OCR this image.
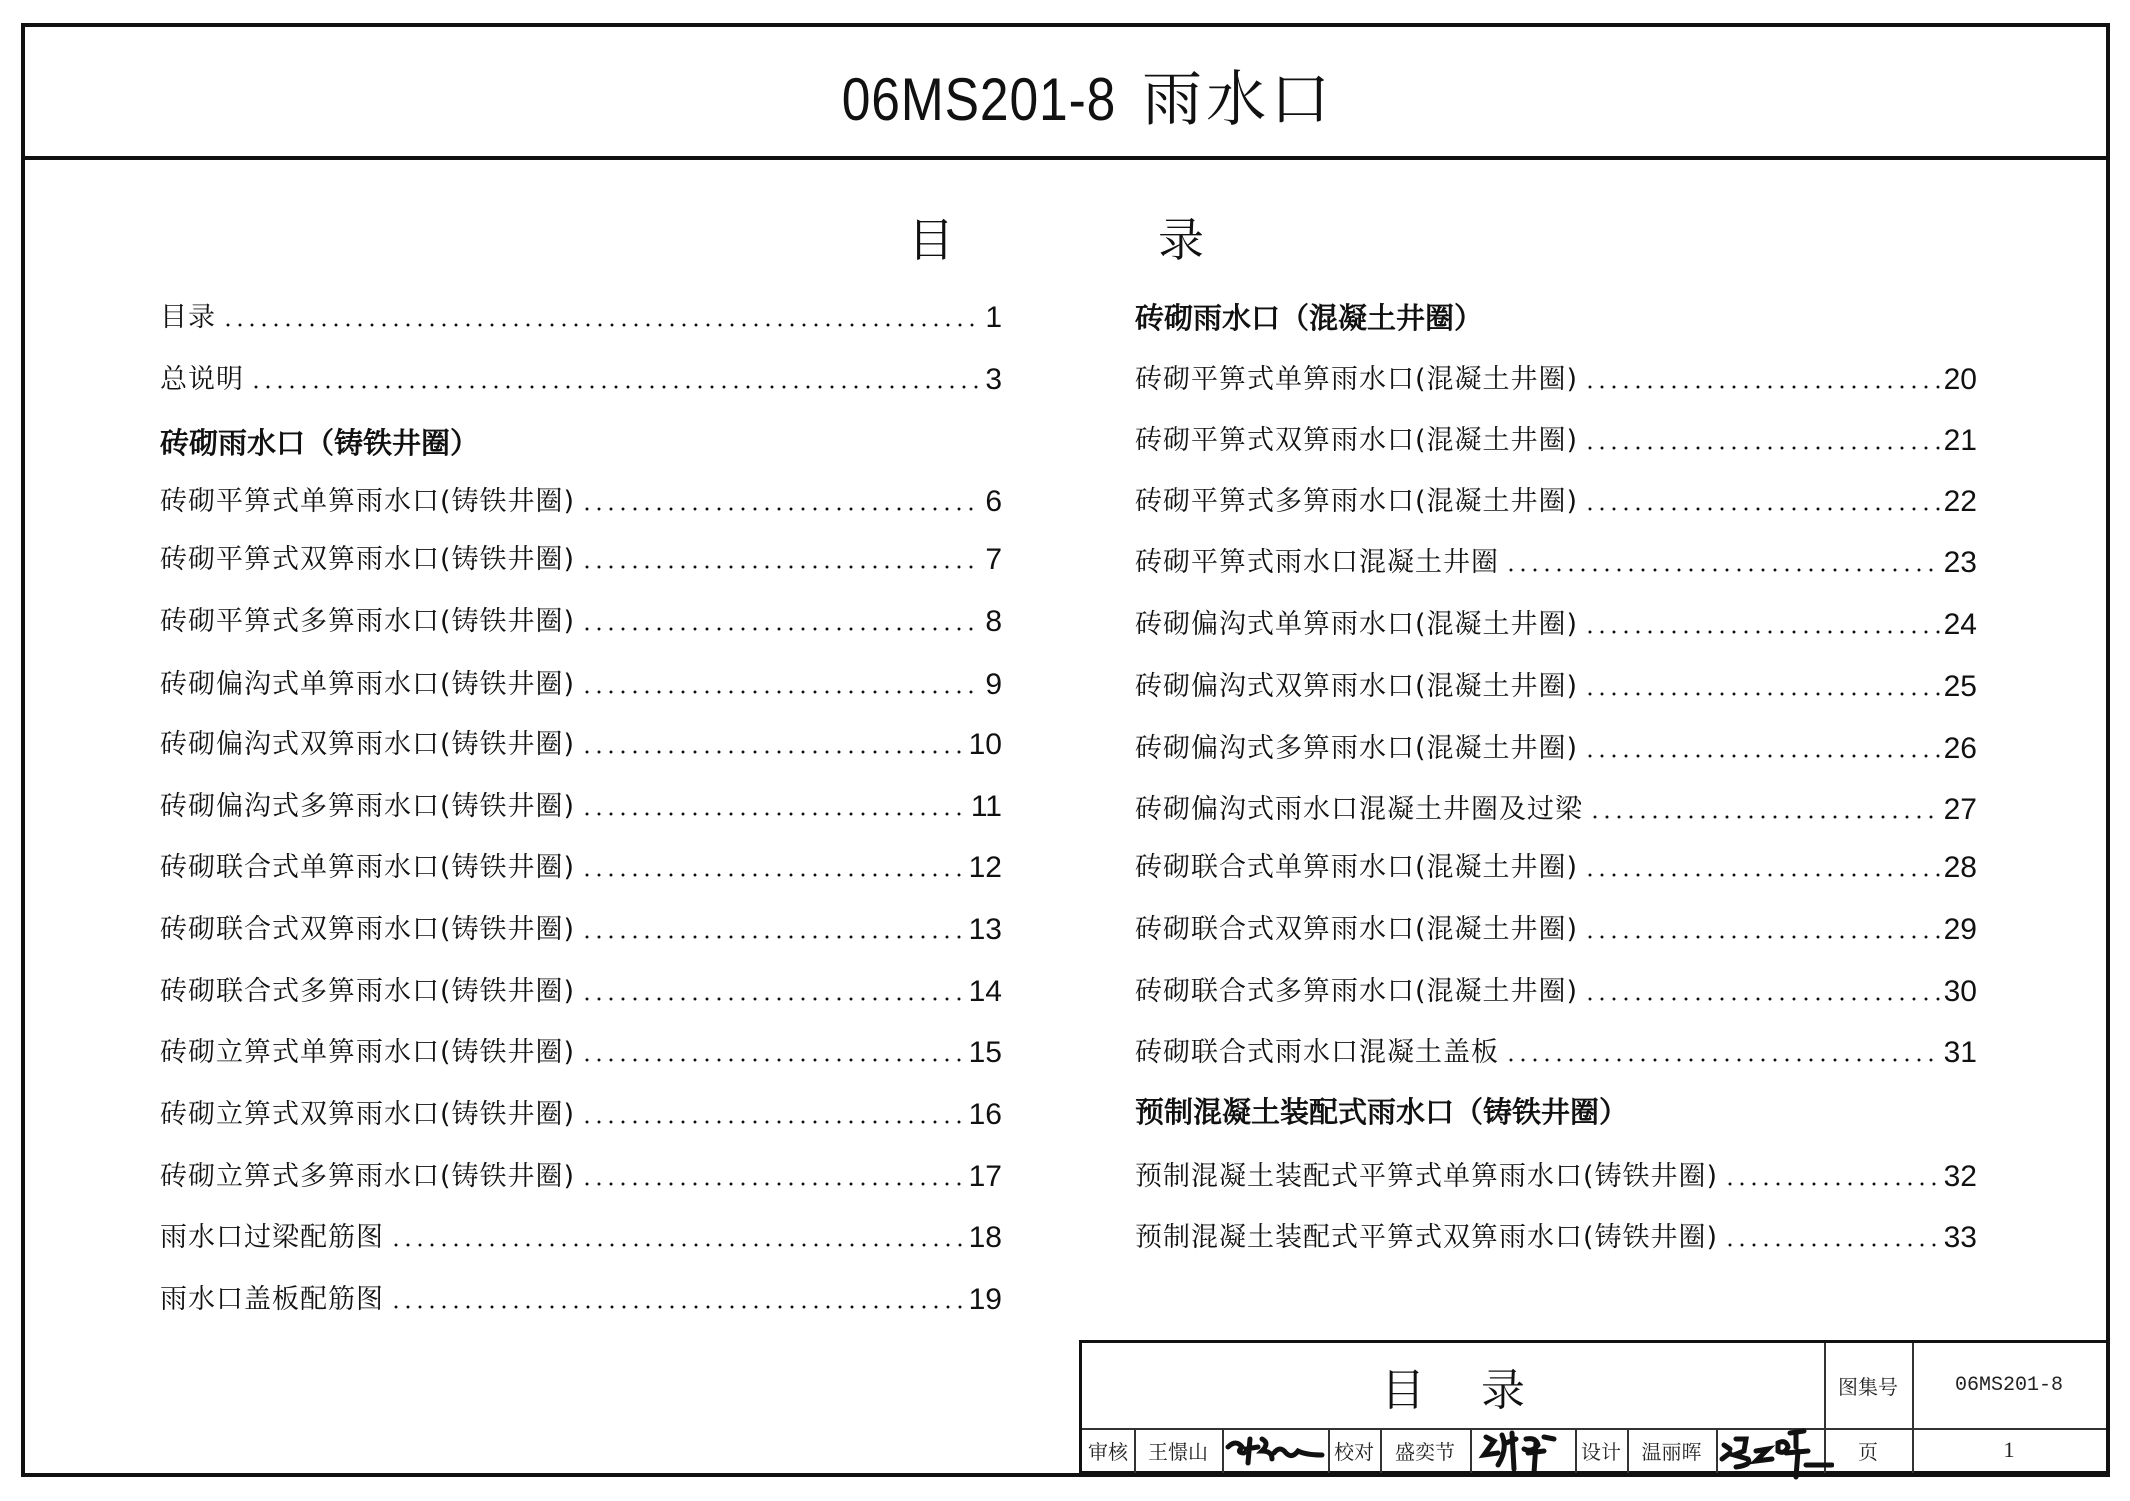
06MS201-8 雨水口
目	录
目录	1
总说明	3
砖砌雨水口（铸铁井圈）
砖砌平箅式单箅雨水口(铸铁井圈)	6
砖砌平箅式双箅雨水口(铸铁井圈)	7
砖砌平箅式多箅雨水口(铸铁井圈)	8
砖砌偏沟式单箅雨水口(铸铁井圈)	9
砖砌偏沟式双箅雨水口(铸铁井圈)	10
砖砌偏沟式多箅雨水口(铸铁井圈)	11
砖砌联合式单箅雨水口(铸铁井圈)	12
砖砌联合式双箅雨水口(铸铁井圈)	13
砖砌联合式多箅雨水口(铸铁井圈)	14
砖砌立箅式单箅雨水口(铸铁井圈)	15
砖砌立箅式双箅雨水口(铸铁井圈)	16
砖砌立箅式多箅雨水口(铸铁井圈)	17
雨水口过梁配筋图	18
雨水口盖板配筋图	19
砖砌雨水口（混凝土井圈）
砖砌平箅式单箅雨水口(混凝土井圈)	20
砖砌平箅式双箅雨水口(混凝土井圈)	21
砖砌平箅式多箅雨水口(混凝土井圈)	22
砖砌平箅式雨水口混凝土井圈	23
砖砌偏沟式单箅雨水口(混凝土井圈)	24
砖砌偏沟式双箅雨水口(混凝土井圈)	25
砖砌偏沟式多箅雨水口(混凝土井圈)	26
砖砌偏沟式雨水口混凝土井圈及过梁	27
砖砌联合式单箅雨水口(混凝土井圈)	28
砖砌联合式双箅雨水口(混凝土井圈)	29
砖砌联合式多箅雨水口(混凝土井圈)	30
砖砌联合式雨水口混凝土盖板	31
预制混凝土装配式雨水口（铸铁井圈）
预制混凝土装配式平箅式单箅雨水口(铸铁井圈)	32
预制混凝土装配式平箅式双箅雨水口(铸铁井圈)	33
目录	图集号	06MS201-8
审核	王憬山	校对	盛奕节	设计	温丽晖	页	1
